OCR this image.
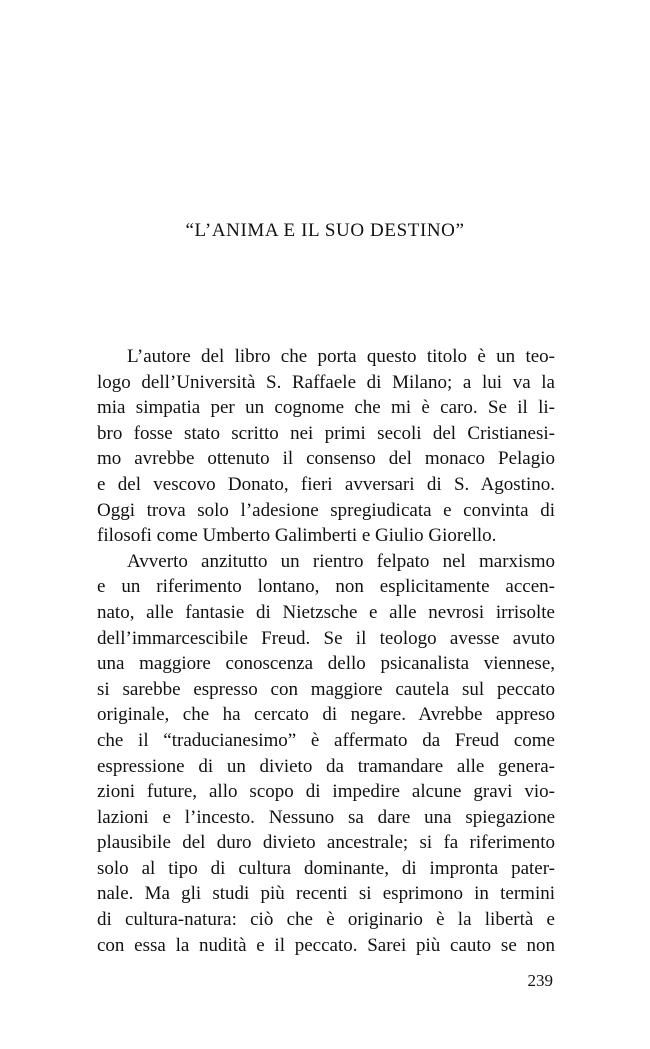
“L’ANIMA E IL SUO DESTINO”
L’autore del libro che porta questo titolo è un teo-
logo dell’Università S. Raffaele di Milano; a lui va la
mia simpatia per un cognome che mi è caro. Se il li-
bro fosse stato scritto nei primi secoli del Cristianesi-
mo avrebbe ottenuto il consenso del monaco Pelagio
e del vescovo Donato, fieri avversari di S. Agostino.
Oggi trova solo l’adesione spregiudicata e convinta di
filosofi come Umberto Galimberti e Giulio Giorello.
Avverto anzitutto un rientro felpato nel marxismo
e un riferimento lontano, non esplicitamente accen-
nato, alle fantasie di Nietzsche e alle nevrosi irrisolte
dell’immarcescibile Freud. Se il teologo avesse avuto
una maggiore conoscenza dello psicanalista viennese,
si sarebbe espresso con maggiore cautela sul peccato
originale, che ha cercato di negare. Avrebbe appreso
che il “traducianesimo” è affermato da Freud come
espressione di un divieto da tramandare alle genera-
zioni future, allo scopo di impedire alcune gravi vio-
lazioni e l’incesto. Nessuno sa dare una spiegazione
plausibile del duro divieto ancestrale; si fa riferimento
solo al tipo di cultura dominante, di impronta pater-
nale. Ma gli studi più recenti si esprimono in termini
di cultura-natura: ciò che è originario è la libertà e
con essa la nudità e il peccato. Sarei più cauto se non
239
